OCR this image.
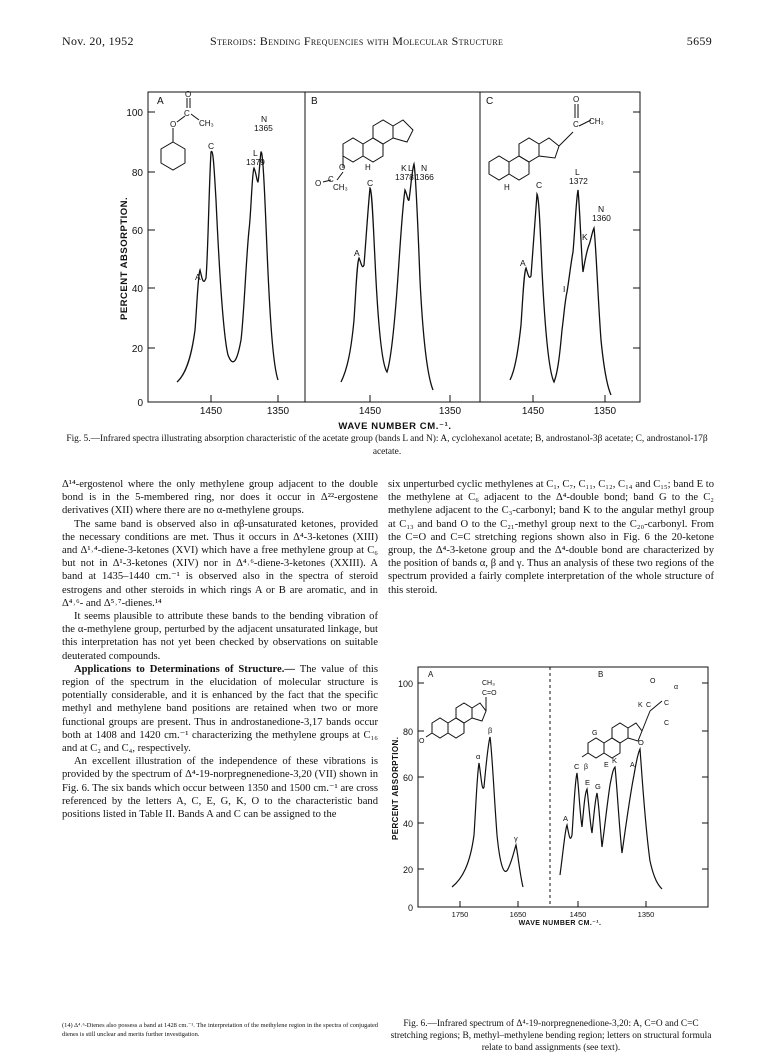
Nov. 20, 1952	Steroids: Bending Frequencies with Molecular Structure	5659
100
80
60
40
20
0
PERCENT ABSORPTION.
1450	1350	1450	1350	1450	1350
WAVE NUMBER CM.⁻¹.
A	B	C
O
O
C
CH₃
A
C
L
1379
N
1365
O
O C
CH₃
H
A
C
K L
1378
N
1366
O
C CH₃
H
A
I
C
L
1372
K
N
1360
Fig. 5.—Infrared spectra illustrating absorption characteristic of the acetate group (bands L and N): A, cyclohexanol acetate; B, androstanol-3β acetate; C, androstanol-17β acetate.

Δ¹⁴-ergostenol where the only methylene group adjacent to the double bond is in the 5-membered ring, nor does it occur in Δ²²-ergostene derivatives (XII) where there are no α-methylene groups.

The same band is observed also in αβ-unsaturated ketones, provided the necessary conditions are met. Thus it occurs in Δ⁴-3-ketones (XIII) and Δ¹˒⁴-diene-3-ketones (XVI) which have a free methylene group at C₆ but not in Δ¹-3-ketones (XIV) nor in Δ⁴˒⁶-diene-3-ketones (XXIII). A band at 1435–1440 cm.⁻¹ is observed also in the spectra of steroid estrogens and other steroids in which rings A or B are aromatic, and in Δ⁴˒⁶- and Δ⁵˒⁷-dienes.¹⁴

It seems plausible to attribute these bands to the bending vibration of the α-methylene group, perturbed by the adjacent unsaturated linkage, but this interpretation has not yet been checked by observations on suitable deuterated compounds.

Applications to Determinations of Structure.— The value of this region of the spectrum in the elucidation of molecular structure is potentially considerable, and it is enhanced by the fact that the specific methyl and methylene band positions are retained when two or more functional groups are present. Thus in androstanedione-3,17 bands occur both at 1408 and 1420 cm.⁻¹ characterizing the methylene groups at C₁₆ and at C₂ and C₄, respectively.

An excellent illustration of the independence of these vibrations is provided by the spectrum of Δ⁴-19-norpregnenedione-3,20 (VII) shown in Fig. 6. The six bands which occur between 1350 and 1500 cm.⁻¹ are cross referenced by the letters A, C, E, G, K, O to the characteristic band positions listed in Table II. Bands A and C can be assigned to the

(14) Δ⁴˒⁶-Dienes also possess a band at 1428 cm.⁻¹. The interpretation of the methylene region in the spectra of conjugated dienes is still unclear and merits further investigation.

six unperturbed cyclic methylenes at C₁, C₇, C₁₁, C₁₂, C₁₄ and C₁₅; band E to the methylene at C₆ adjacent to the Δ⁴-double bond; band G to the C₂ methylene adjacent to the C₃-carbonyl; band K to the angular methyl group at C₁₃ and band O to the C₂₁-methyl group next to the C₂₀-carbonyl. From the C=O and C=C stretching regions shown also in Fig. 6 the 20-ketone group, the Δ⁴-3-ketone group and the Δ⁴-double bond are characterized by the position of bands α, β and γ. Thus an analysis of these two regions of the spectrum provided a fairly complete interpretation of the whole structure of this steroid.

100
80
60
40
20
0
PERCENT ABSORPTION.
1750	1650	1450	1350
WAVE NUMBER CM.⁻¹.
A	B
CH₃
C=O
O
O
C C
K
α
β E
G
C
A
α
β
γ
A
C
E G
K
O
Fig. 6.—Infrared spectrum of Δ⁴-19-norpregnenedione-3,20: A, C=O and C=C stretching regions; B, methyl–methylene bending region; letters on structural formula relate to band assignments (see text).
